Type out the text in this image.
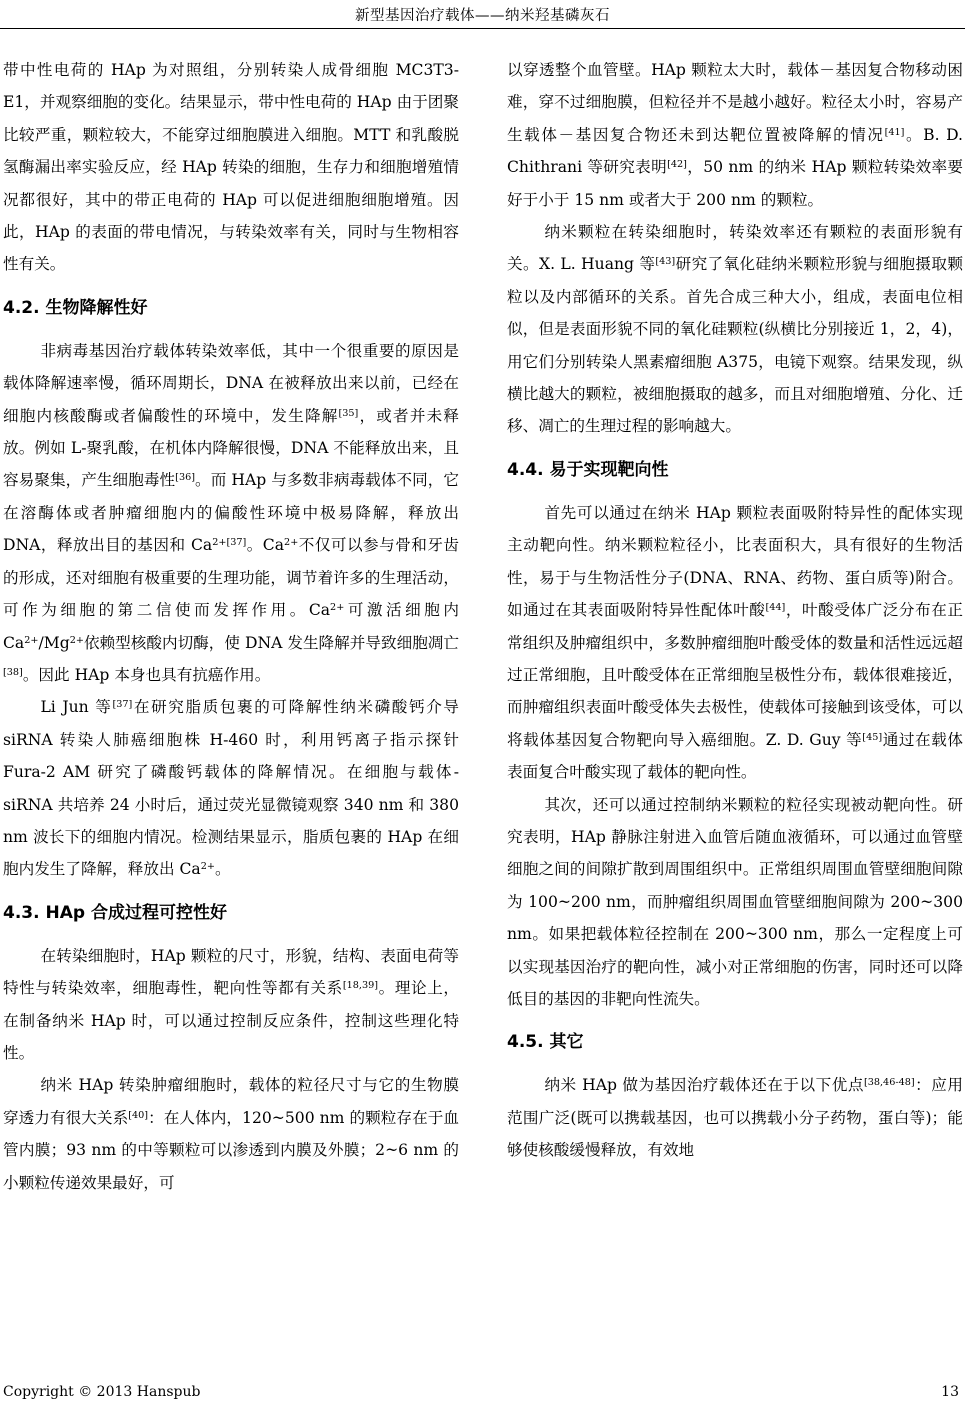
新型基因治疗载体——纳米羟基磷灰石

带中性电荷的 HAp 为对照组，分别转染人成骨细胞 MC3T3-E1，并观察细胞的变化。结果显示，带中性电荷的 HAp 由于团聚比较严重，颗粒较大，不能穿过细胞膜进入细胞。MTT 和乳酸脱氢酶漏出率实验反应，经 HAp 转染的细胞，生存力和细胞增殖情况都很好，其中的带正电荷的 HAp 可以促进细胞细胞增殖。因此，HAp 的表面的带电情况，与转染效率有关，同时与生物相容性有关。

4.2. 生物降解性好

非病毒基因治疗载体转染效率低，其中一个很重要的原因是载体降解速率慢，循环周期长，DNA 在被释放出来以前，已经在细胞内核酸酶或者偏酸性的环境中，发生降解[35]，或者并未释放。例如 L-聚乳酸，在机体内降解很慢，DNA 不能释放出来，且容易聚集，产生细胞毒性[36]。而 HAp 与多数非病毒载体不同，它在溶酶体或者肿瘤细胞内的偏酸性环境中极易降解，释放出 DNA，释放出目的基因和 $Ca^{2+[37]}$。$Ca^{2+}$不仅可以参与骨和牙齿的形成，还对细胞有极重要的生理功能，调节着许多的生理活动，可作为细胞的第二信使而发挥作用。$Ca^{2+}$可激活细胞内 $Ca^{2+}/Mg^{2+}$依赖型核酸内切酶，使 DNA 发生降解并导致细胞凋亡[38]。因此 HAp 本身也具有抗癌作用。

Li Jun 等[37]在研究脂质包裹的可降解性纳米磷酸钙介导 siRNA 转染人肺癌细胞株 H-460 时，利用钙离子指示探针 Fura-2 AM 研究了磷酸钙载体的降解情况。在细胞与载体-siRNA 共培养 24 小时后，通过荧光显微镜观察 340 nm 和 380 nm 波长下的细胞内情况。检测结果显示，脂质包裹的 HAp 在细胞内发生了降解，释放出 $Ca^{2+}$。

4.3. HAp 合成过程可控性好

在转染细胞时，HAp 颗粒的尺寸，形貌，结构、表面电荷等特性与转染效率，细胞毒性，靶向性等都有关系[18,39]。理论上，在制备纳米 HAp 时，可以通过控制反应条件，控制这些理化特性。

纳米 HAp 转染肿瘤细胞时，载体的粒径尺寸与它的生物膜穿透力有很大关系[40]：在人体内，120~500 nm 的颗粒存在于血管内膜；93 nm 的中等颗粒可以渗透到内膜及外膜；2~6 nm 的小颗粒传递效果最好，可

以穿透整个血管壁。HAp 颗粒太大时，载体－基因复合物移动困难，穿不过细胞膜，但粒径并不是越小越好。粒径太小时，容易产生载体－基因复合物还未到达靶位置被降解的情况[41]。B. D. Chithrani 等研究表明[42]，50 nm 的纳米 HAp 颗粒转染效率要好于小于 15 nm 或者大于 200 nm 的颗粒。

纳米颗粒在转染细胞时，转染效率还有颗粒的表面形貌有关。X. L. Huang 等[43]研究了氧化硅纳米颗粒形貌与细胞摄取颗粒以及内部循环的关系。首先合成三种大小，组成，表面电位相似，但是表面形貌不同的氧化硅颗粒(纵横比分别接近 1，2，4)，用它们分别转染人黑素瘤细胞 A375，电镜下观察。结果发现，纵横比越大的颗粒，被细胞摄取的越多，而且对细胞增殖、分化、迁移、凋亡的生理过程的影响越大。

4.4. 易于实现靶向性

首先可以通过在纳米 HAp 颗粒表面吸附特异性的配体实现主动靶向性。纳米颗粒粒径小，比表面积大，具有很好的生物活性，易于与生物活性分子(DNA、RNA、药物、蛋白质等)附合。如通过在其表面吸附特异性配体叶酸[44]，叶酸受体广泛分布在正常组织及肿瘤组织中，多数肿瘤细胞叶酸受体的数量和活性远远超过正常细胞，且叶酸受体在正常细胞呈极性分布，载体很难接近，而肿瘤组织表面叶酸受体失去极性，使载体可接触到该受体，可以将载体基因复合物靶向导入癌细胞。Z. D. Guy 等[45]通过在载体表面复合叶酸实现了载体的靶向性。

其次，还可以通过控制纳米颗粒的粒径实现被动靶向性。研究表明，HAp 静脉注射进入血管后随血液循环，可以通过血管壁细胞之间的间隙扩散到周围组织中。正常组织周围血管壁细胞间隙为 100~200 nm，而肿瘤组织周围血管壁细胞间隙为 200~300 nm。如果把载体粒径控制在 200~300 nm，那么一定程度上可以实现基因治疗的靶向性，减小对正常细胞的伤害，同时还可以降低目的基因的非靶向性流失。

4.5. 其它

纳米 HAp 做为基因治疗载体还在于以下优点[38,46-48]：应用范围广泛(既可以携载基因，也可以携载小分子药物，蛋白等)；能够使核酸缓慢释放，有效地

Copyright © 2013 Hanspub	13
